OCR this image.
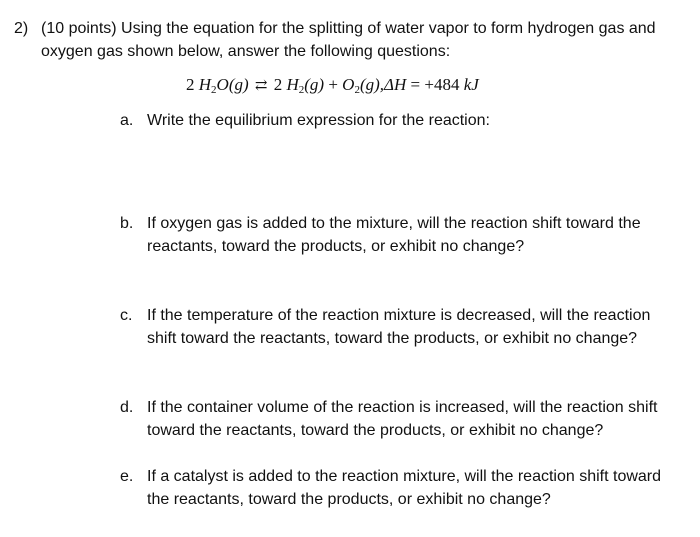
2) (10 points) Using the equation for the splitting of water vapor to form hydrogen gas and
oxygen gas shown below, answer the following questions:
2 $H_2O(g)$ ⇄ 2 $H_2(g) + O_2(g),\Delta H = +484$ kJ
a. Write the equilibrium expression for the reaction:
b. If oxygen gas is added to the mixture, will the reaction shift toward the reactants, toward the products, or exhibit no change?
c. If the temperature of the reaction mixture is decreased, will the reaction shift toward the reactants, toward the products, or exhibit no change?
d. If the container volume of the reaction is increased, will the reaction shift toward the reactants, toward the products, or exhibit no change?
e. If a catalyst is added to the reaction mixture, will the reaction shift toward the reactants, toward the products, or exhibit no change?
